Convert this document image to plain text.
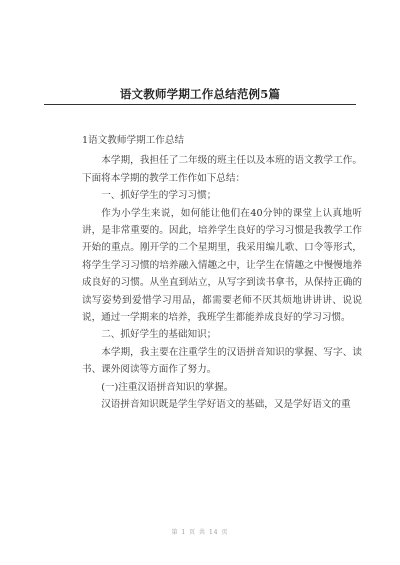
语文教师学期工作总结范例5篇

1语文教师学期工作总结

本学期，我担任了二年级的班主任以及本班的语文教学工作。下面将本学期的教学工作作如下总结：

一、抓好学生的学习习惯；

作为小学生来说，如何能让他们在40分钟的课堂上认真地听讲，是非常重要的。因此，培养学生良好的学习习惯是我教学工作开始的重点。刚开学的二个星期里，我采用编儿歌、口令等形式，将学生学习习惯的培养融入情趣之中，让学生在情趣之中慢慢地养成良好的习惯。从坐直到站立，从写字到读书拿书，从保持正确的读写姿势到爱惜学习用品，都需要老师不厌其烦地讲讲讲、说说说，通过一学期来的培养，我班学生都能养成良好的学习习惯。

二、抓好学生的基础知识；

本学期，我主要在注重学生的汉语拼音知识的掌握、写字、读书、课外阅读等方面作了努力。

(一)注重汉语拼音知识的掌握。

汉语拼音知识既是学生学好语文的基础，又是学好语文的重

第 1 页 共 14 页
